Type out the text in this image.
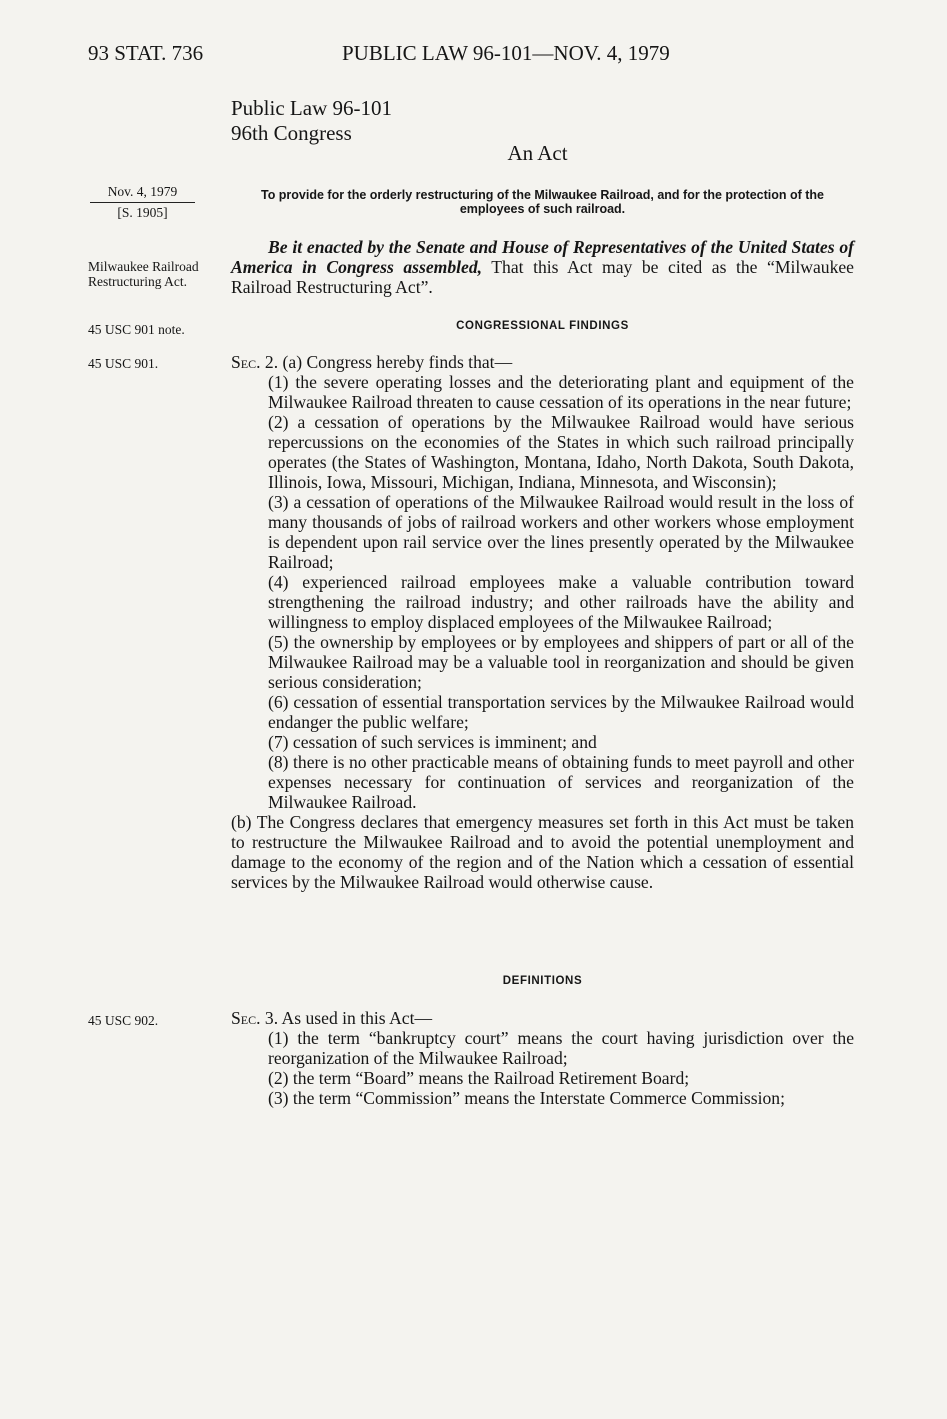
93 STAT. 736	PUBLIC LAW 96-101—NOV. 4, 1979
Public Law 96-101
96th Congress
An Act
Nov. 4, 1979
[S. 1905]
To provide for the orderly restructuring of the Milwaukee Railroad, and for the protection of the employees of such railroad.
Milwaukee Railroad Restructuring Act.
45 USC 901 note.
Be it enacted by the Senate and House of Representatives of the United States of America in Congress assembled, That this Act may be cited as the “Milwaukee Railroad Restructuring Act”.
CONGRESSIONAL FINDINGS
45 USC 901.	Sec. 2. (a) Congress hereby finds that—

(1) the severe operating losses and the deteriorating plant and equipment of the Milwaukee Railroad threaten to cause cessation of its operations in the near future;

(2) a cessation of operations by the Milwaukee Railroad would have serious repercussions on the economies of the States in which such railroad principally operates (the States of Washington, Montana, Idaho, North Dakota, South Dakota, Illinois, Iowa, Missouri, Michigan, Indiana, Minnesota, and Wisconsin);

(3) a cessation of operations of the Milwaukee Railroad would result in the loss of many thousands of jobs of railroad workers and other workers whose employment is dependent upon rail service over the lines presently operated by the Milwaukee Railroad;

(4) experienced railroad employees make a valuable contribution toward strengthening the railroad industry; and other railroads have the ability and willingness to employ displaced employees of the Milwaukee Railroad;

(5) the ownership by employees or by employees and shippers of part or all of the Milwaukee Railroad may be a valuable tool in reorganization and should be given serious consideration;

(6) cessation of essential transportation services by the Milwaukee Railroad would endanger the public welfare;

(7) cessation of such services is imminent; and

(8) there is no other practicable means of obtaining funds to meet payroll and other expenses necessary for continuation of services and reorganization of the Milwaukee Railroad.

(b) The Congress declares that emergency measures set forth in this Act must be taken to restructure the Milwaukee Railroad and to avoid the potential unemployment and damage to the economy of the region and of the Nation which a cessation of essential services by the Milwaukee Railroad would otherwise cause.

DEFINITIONS
45 USC 902.	Sec. 3. As used in this Act—

(1) the term “bankruptcy court” means the court having jurisdiction over the reorganization of the Milwaukee Railroad;

(2) the term “Board” means the Railroad Retirement Board;

(3) the term “Commission” means the Interstate Commerce Commission;
